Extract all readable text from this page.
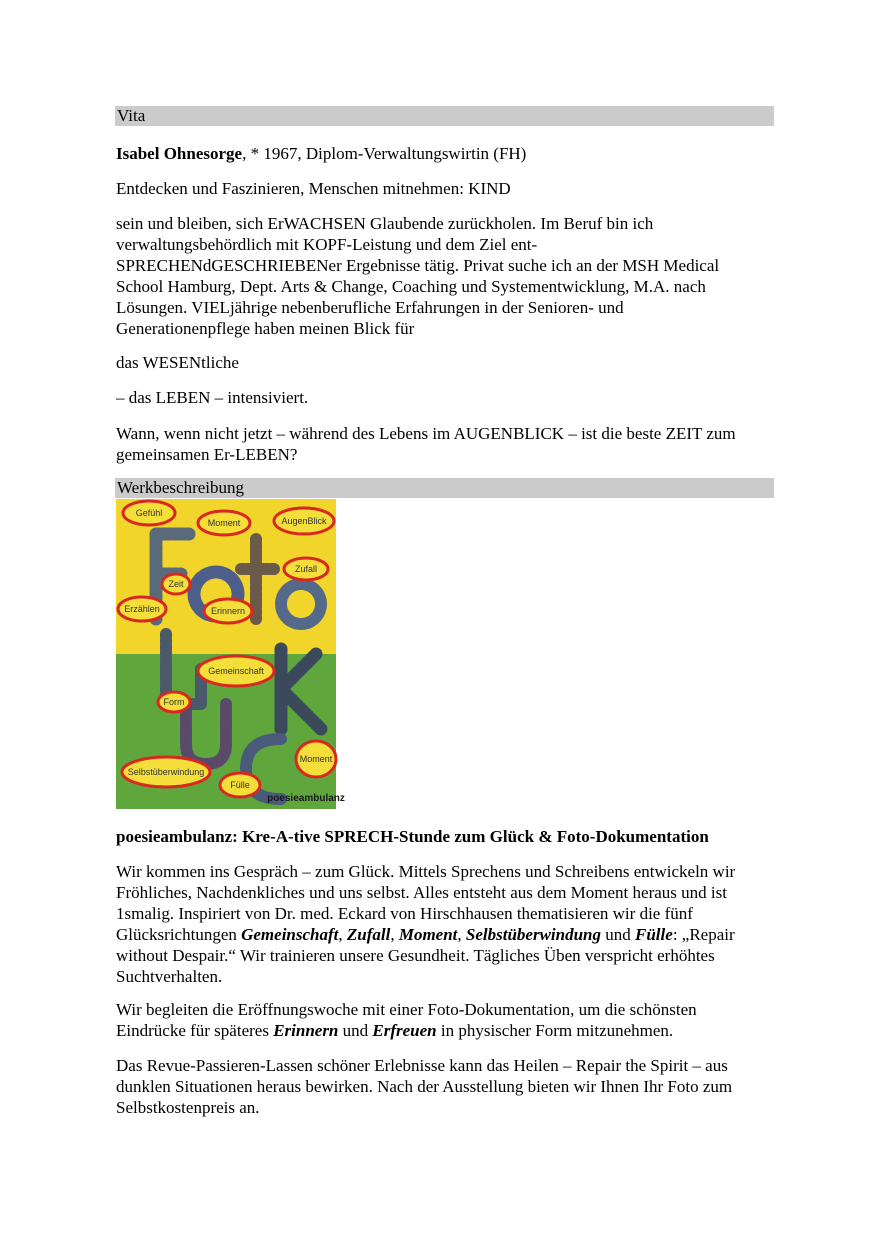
Vita

Isabel Ohnesorge, * 1967, Diplom-Verwaltungswirtin (FH)

Entdecken und Faszinieren, Menschen mitnehmen: KIND

sein und bleiben, sich ErWACHSEN Glaubende zurückholen. Im Beruf bin ich
verwaltungsbehördlich mit KOPF-Leistung und dem Ziel ent-
SPRECHENdGESCHRIEBENer Ergebnisse tätig. Privat suche ich an der MSH Medical
School Hamburg, Dept. Arts & Change, Coaching und Systementwicklung, M.A. nach
Lösungen. VIELjährige nebenberufliche Erfahrungen in der Senioren- und
Generationenpflege haben meinen Blick für

das WESENtliche

– das LEBEN – intensiviert.

Wann, wenn nicht jetzt – während des Lebens im AUGENBLICK – ist die beste ZEIT zum
gemeinsamen Er-LEBEN?
Werkbeschreibung
Gefühl
Moment	AugenBlick
Zufall
Zeit
Erzählen	Erinnern
Gemeinschaft
Form
Selbstüberwindung
Fülle
Moment
poesieambulanz

poesieambulanz: Kre-A-tive SPRECH-Stunde zum Glück & Foto-Dokumentation

Wir kommen ins Gespräch – zum Glück. Mittels Sprechens und Schreibens entwickeln wir
Fröhliches, Nachdenkliches und uns selbst. Alles entsteht aus dem Moment heraus und ist
1smalig. Inspiriert von Dr. med. Eckard von Hirschhausen thematisieren wir die fünf
Glücksrichtungen Gemeinschaft, Zufall, Moment, Selbstüberwindung und Fülle: „Repair
without Despair.“ Wir trainieren unsere Gesundheit. Tägliches Üben verspricht erhöhtes
Suchtverhalten.
Wir begleiten die Eröffnungswoche mit einer Foto-Dokumentation, um die schönsten
Eindrücke für späteres Erinnern und Erfreuen in physischer Form mitzunehmen.
Das Revue-Passieren-Lassen schöner Erlebnisse kann das Heilen – Repair the Spirit – aus
dunklen Situationen heraus bewirken. Nach der Ausstellung bieten wir Ihnen Ihr Foto zum
Selbstkostenpreis an.
